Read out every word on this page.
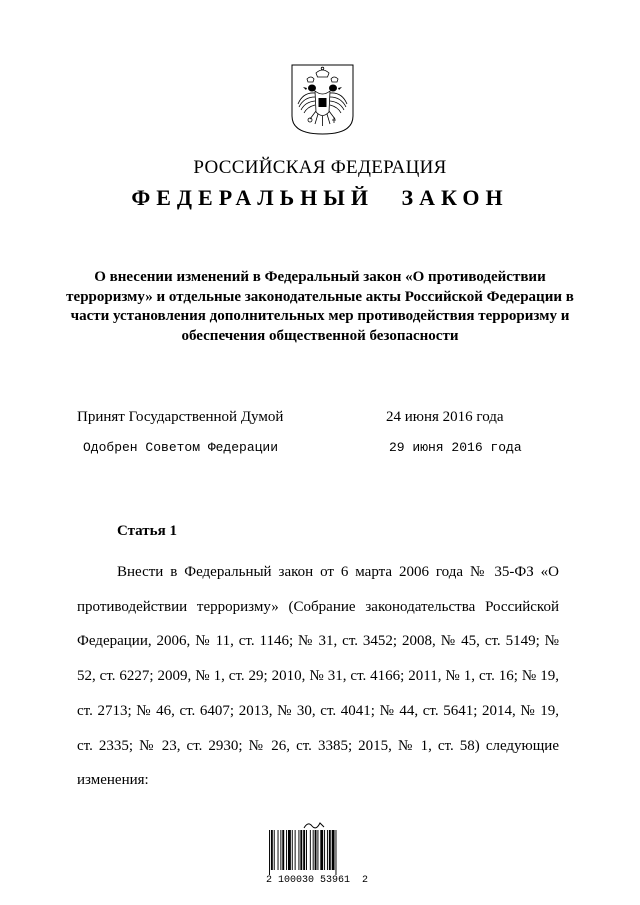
РОССИЙСКАЯ ФЕДЕРАЦИЯ
ФЕДЕРАЛЬНЫЙ ЗАКОН
О внесении изменений в Федеральный закон «О противодействии терроризму» и отдельные законодательные акты Российской Федерации в части установления дополнительных мер противодействия терроризму и обеспечения общественной безопасности
Принят Государственной Думой	24 июня 2016 года
Одобрен Советом Федерации	29 июня 2016 года
Статья 1
Внести в Федеральный закон от 6 марта 2006 года № 35-ФЗ «О противодействии терроризму» (Собрание законодательства Российской Федерации, 2006, № 11, ст. 1146; № 31, ст. 3452; 2008, № 45, ст. 5149; № 52, ст. 6227; 2009, № 1, ст. 29; 2010, № 31, ст. 4166; 2011, № 1, ст. 16; № 19, ст. 2713; № 46, ст. 6407; 2013, № 30, ст. 4041; № 44, ст. 5641; 2014, № 19, ст. 2335; № 23, ст. 2930; № 26, ст. 3385; 2015, № 1, ст. 58) следующие изменения:
2 100030 53961  2
